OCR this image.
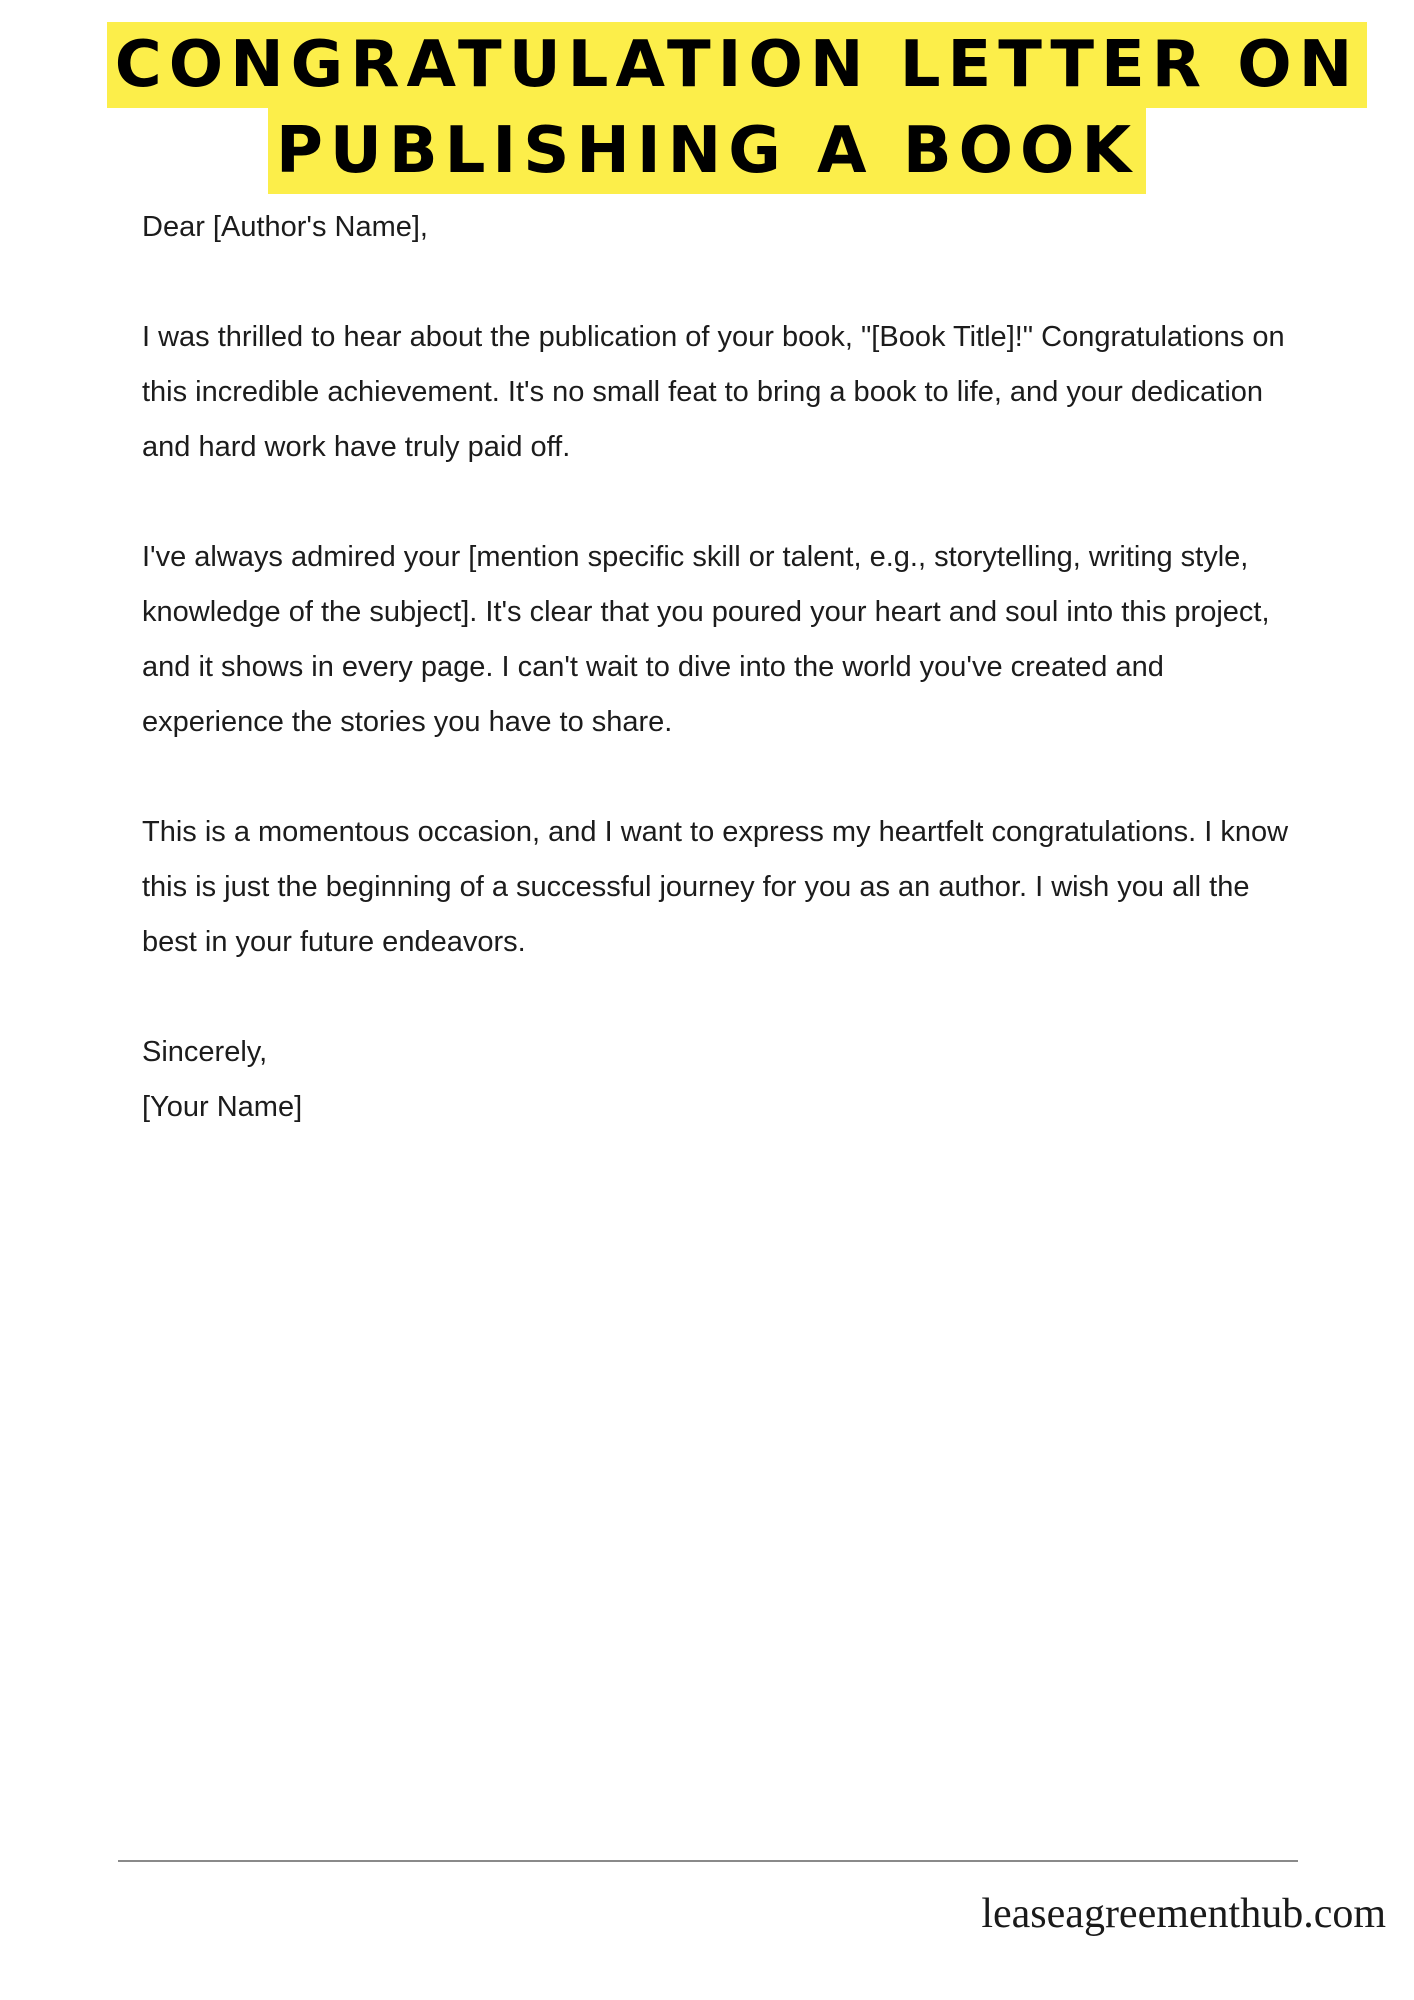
CONGRATULATION LETTER ON
PUBLISHING A BOOK

Dear [Author's Name],

I was thrilled to hear about the publication of your book, "[Book Title]!" Congratulations on this incredible achievement. It's no small feat to bring a book to life, and your dedication and hard work have truly paid off.

I've always admired your [mention specific skill or talent, e.g., storytelling, writing style, knowledge of the subject]. It's clear that you poured your heart and soul into this project, and it shows in every page. I can't wait to dive into the world you've created and experience the stories you have to share.

This is a momentous occasion, and I want to express my heartfelt congratulations. I know this is just the beginning of a successful journey for you as an author. I wish you all the best in your future endeavors.

Sincerely,

[Your Name]

leaseagreementhub.com
